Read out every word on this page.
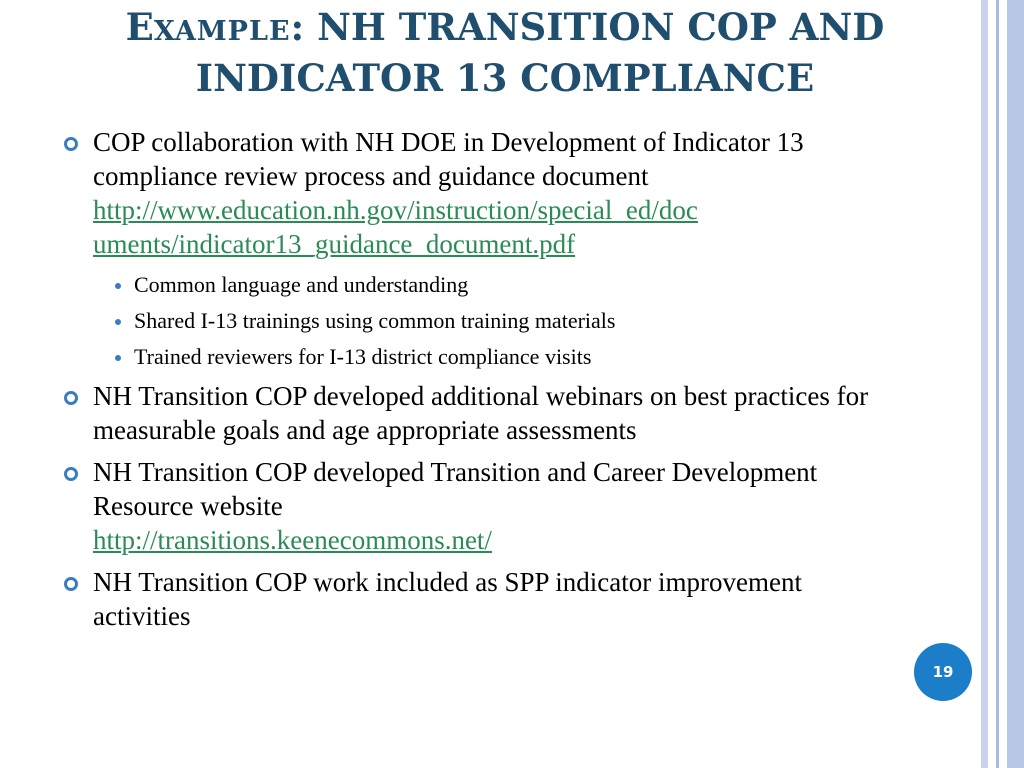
EXAMPLE: NH TRANSITION COP AND INDICATOR 13 COMPLIANCE
COP collaboration with NH DOE in Development of Indicator 13 compliance review process and guidance document
http://www.education.nh.gov/instruction/special_ed/doc
uments/indicator13_guidance_document.pdf
Common language and understanding
Shared I-13 trainings using common training materials
Trained reviewers for I-13 district compliance visits
NH Transition COP developed additional webinars on best practices for measurable goals and age appropriate assessments
NH Transition COP developed Transition and Career Development Resource website
http://transitions.keenecommons.net/
NH Transition COP work included as SPP indicator improvement activities
19
